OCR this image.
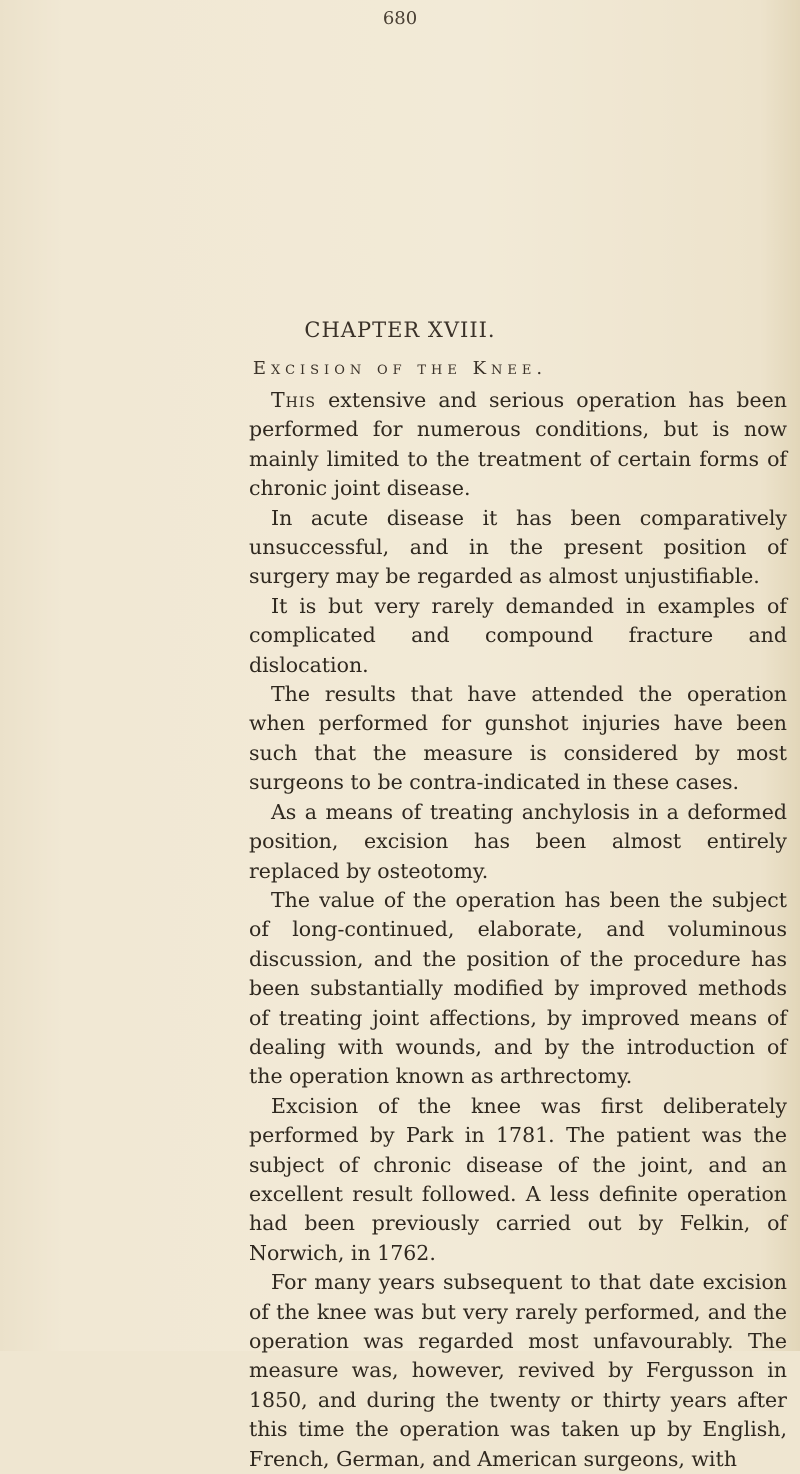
680
CHAPTER XVIII.
Excision of the Knee.

This extensive and serious operation has been performed for numerous conditions, but is now mainly limited to the treatment of certain forms of chronic joint disease.

In acute disease it has been comparatively unsuccessful, and in the present position of surgery may be regarded as almost unjustifiable.

It is but very rarely demanded in examples of complicated and compound fracture and dislocation.

The results that have attended the operation when performed for gunshot injuries have been such that the measure is considered by most surgeons to be contra-indicated in these cases.

As a means of treating anchylosis in a deformed position, excision has been almost entirely replaced by osteotomy.

The value of the operation has been the subject of long-continued, elaborate, and voluminous discussion, and the position of the procedure has been substantially modified by improved methods of treating joint affections, by improved means of dealing with wounds, and by the introduction of the operation known as arthrectomy.

Excision of the knee was first deliberately performed by Park in 1781. The patient was the subject of chronic disease of the joint, and an excellent result followed. A less definite operation had been previously carried out by Felkin, of Norwich, in 1762.

For many years subsequent to that date excision of the knee was but very rarely performed, and the operation was regarded most unfavourably. The measure was, however, revived by Fergusson in 1850, and during the twenty or thirty years after this time the operation was taken up by English, French, German, and American surgeons, with
